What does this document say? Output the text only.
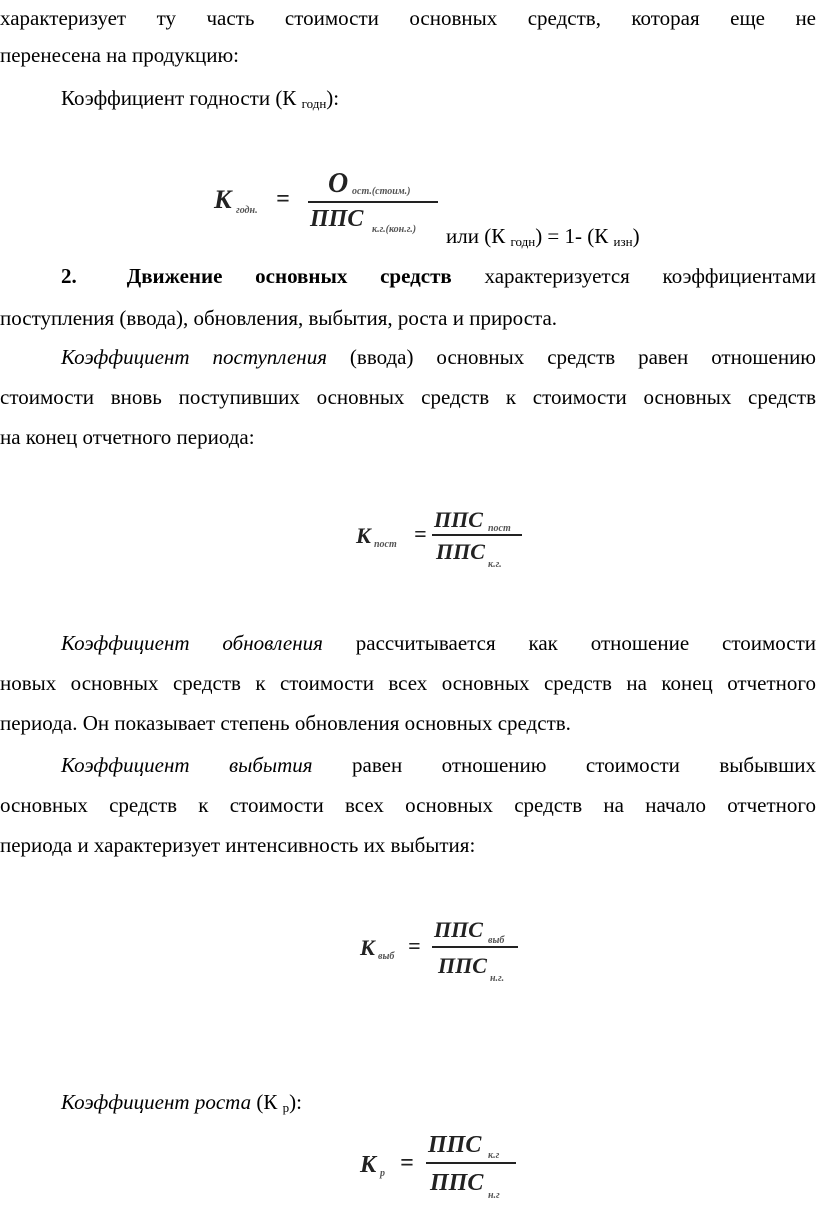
характеризует ту часть стоимости основных средств, которая еще не
перенесена на продукцию:
Коэффициент годности (К $_{годн}$):
К годн. = О ост.(стоим.)
ППС к.г.(кон.г.) или (К $_{годн}$) = 1- (К $_{изн}$)
2. Движение основных средств характеризуется коэффициентами
поступления (ввода), обновления, выбытия, роста и прироста.
Коэффициент поступления (ввода) основных средств равен отношению
стоимости вновь поступивших основных средств к стоимости основных средств
на конец отчетного периода:
К пост =
ППС пост
ППС
к.г.
Коэффициент обновления рассчитывается как отношение стоимости
новых основных средств к стоимости всех основных средств на конец отчетного
периода. Он показывает степень обновления основных средств.
Коэффициент выбытия равен отношению стоимости выбывших
основных средств к стоимости всех основных средств на начало отчетного
периода и характеризует интенсивность их выбытия:
К выб =
ППС выб
ППС
н.г.
Коэффициент роста (К $_р$):
К р =
ППС к.г
ППС н.г
